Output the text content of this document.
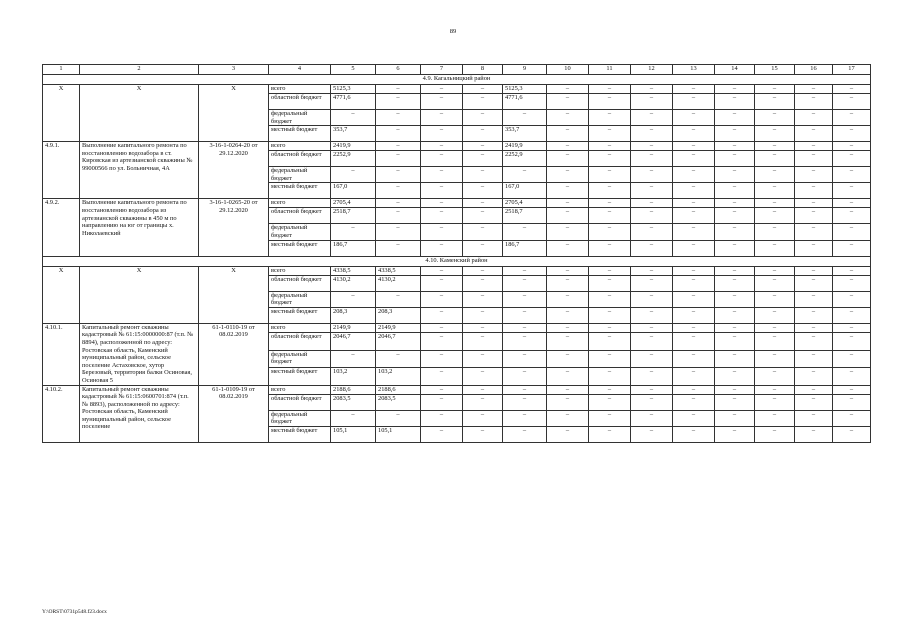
89
1	2	3	4	5	6	7	8	9	10	11	12	13	14	15	16	17
4.9. Кагальницкий район																
X	X	X	всего	5125,3	–	–	–	5125,3	–	–	–	–	–	–	–	–
			областной бюджет	4771,6	–	–	–	4771,6	–	–	–	–	–	–	–	–
			федеральный бюджет	–	–	–	–	–	–	–	–	–	–	–	–	–
			местный бюджет	353,7	–	–	–	353,7	–	–	–	–	–	–	–	–
4.9.1.	Выполнение капитального ремонта по восстановлению водозабора в ст. Кировская из артезианской скважины № 99000566 по ул. Больничная, 4А	3-16-1-0264-20 от 29.12.2020	всего	2419,9	–	–	–	2419,9	–	–	–	–	–	–	–	–
			областной бюджет	2252,9	–	–	–	2252,9	–	–	–	–	–	–	–	–
			федеральный бюджет	–	–	–	–	–	–	–	–	–	–	–	–	–
			местный бюджет	167,0	–	–	–	167,0	–	–	–	–	–	–	–	–
4.9.2.	Выполнение капитального ремонта по восстановлению водозабора из артезианской скважины в 450 м по направлению на юг от границы х. Николаевский	3-16-1-0265-20 от 29.12.2020	всего	2705,4	–	–	–	2705,4	–	–	–	–	–	–	–	–
			областной бюджет	2518,7	–	–	–	2518,7	–	–	–	–	–	–	–	–
			федеральный бюджет	–	–	–	–	–	–	–	–	–	–	–	–	–
			местный бюджет	186,7	–	–	–	186,7	–	–	–	–	–	–	–	–
4.10. Каменский район																
X	X	X	всего	4338,5	4338,5	–	–	–	–	–	–	–	–	–	–	–
			областной бюджет	4130,2	4130,2	–	–	–	–	–	–	–	–	–	–	–
			федеральный бюджет	–	–	–	–	–	–	–	–	–	–	–	–	–
			местный бюджет	208,3	208,3	–	–	–	–	–	–	–	–	–	–	–
4.10.1.	Капитальный ремонт скважины кадастровый № 61:15:0000000:87 (т.п. № 8894), расположенной по адресу: Ростовская область, Каменский муниципальный район, сельское поселение Астаховское, хутор Березовый, территория балки Осиновая, Осиновая 5	61-1-0110-19 от 08.02.2019	всего	2149,9	2149,9	–	–	–	–	–	–	–	–	–	–	–
			областной бюджет	2046,7	2046,7	–	–	–	–	–	–	–	–	–	–	–
			федеральный бюджет	–	–	–	–	–	–	–	–	–	–	–	–	–
			местный бюджет	103,2	103,2	–	–	–	–	–	–	–	–	–	–	–
4.10.2.	Капитальный ремонт скважины кадастровый № 61:15:0600701:874 (т.п. № 8893), расположенной по адресу: Ростовская область, Каменский муниципальный район, сельское поселение	61-1-0109-19 от 08.02.2019	всего	2188,6	2188,6	–	–	–	–	–	–	–	–	–	–	–
			областной бюджет	2083,5	2083,5	–	–	–	–	–	–	–	–	–	–	–
			федеральный бюджет	–	–	–	–	–	–	–	–	–	–	–	–	–
			местный бюджет	105,1	105,1	–	–	–	–	–	–	–	–	–	–	–
Y:\ORST\0731p548.f23.docx
